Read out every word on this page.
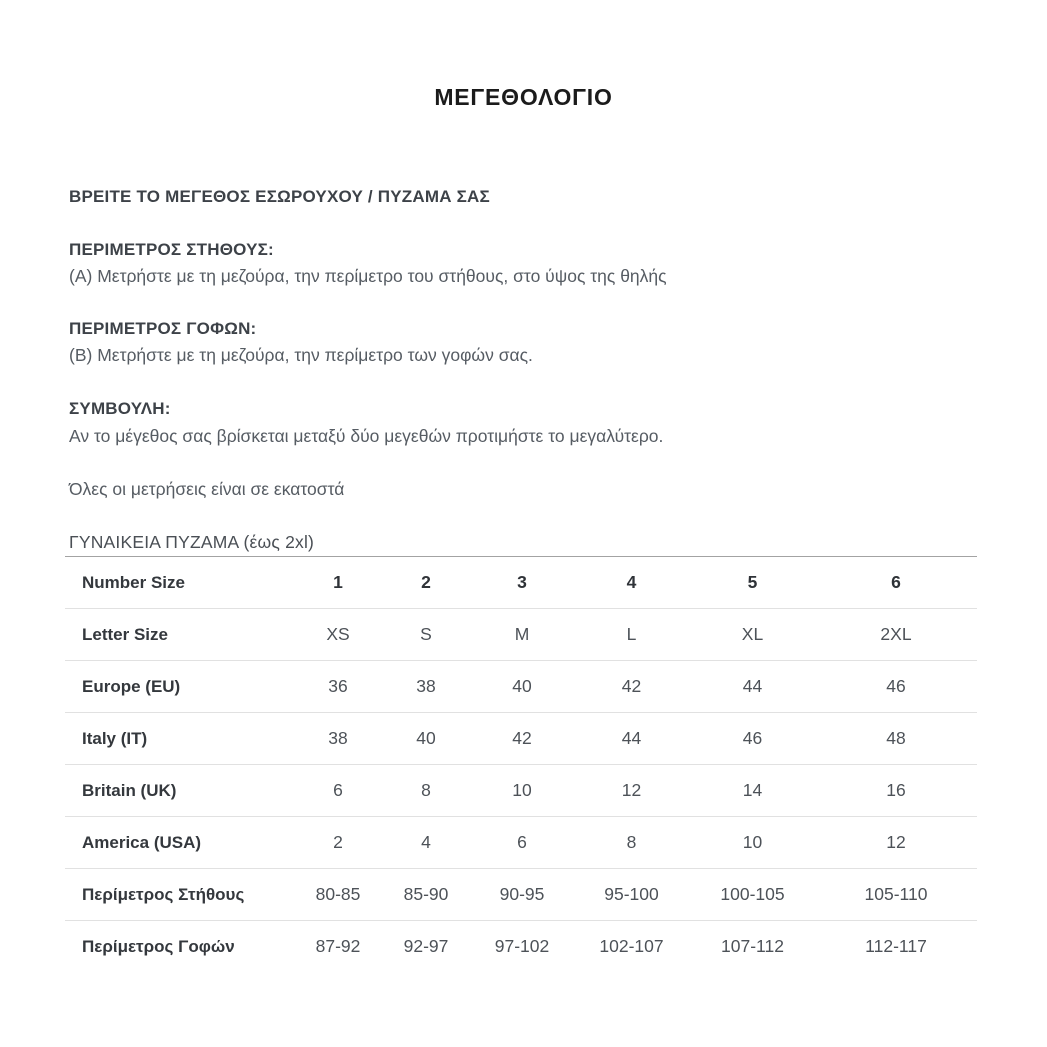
ΜΕΓΕΘΟΛΟΓΙΟ
ΒΡΕΙΤΕ ΤΟ ΜΕΓΕΘΟΣ ΕΣΩΡΟΥΧΟΥ / ΠΥΖΑΜΑ ΣΑΣ
ΠΕΡΙΜΕΤΡΟΣ ΣΤΗΘΟΥΣ:
(Α) Μετρήστε με τη μεζούρα, την περίμετρο του στήθους, στο ύψος της θηλής
ΠΕΡΙΜΕΤΡΟΣ ΓΟΦΩΝ:
(Β) Μετρήστε με τη μεζούρα, την περίμετρο των γοφών σας.
ΣΥΜΒΟΥΛΗ:
Αν το μέγεθος σας βρίσκεται μεταξύ δύο μεγεθών προτιμήστε το μεγαλύτερο.
Όλες οι μετρήσεις είναι σε εκατοστά
ΓΥΝΑΙΚΕΙΑ ΠΥΖΑΜΑ (έως 2xl)
Number Size	1	2	3	4	5	6
Letter Size	XS	S	M	L	XL	2XL
Europe (EU)	36	38	40	42	44	46
Italy (IT)	38	40	42	44	46	48
Britain (UK)	6	8	10	12	14	16
America (USA)	2	4	6	8	10	12
Περίμετρος Στήθους	80-85	85-90	90-95	95-100	100-105	105-110
Περίμετρος Γοφών	87-92	92-97	97-102	102-107	107-112	112-117
